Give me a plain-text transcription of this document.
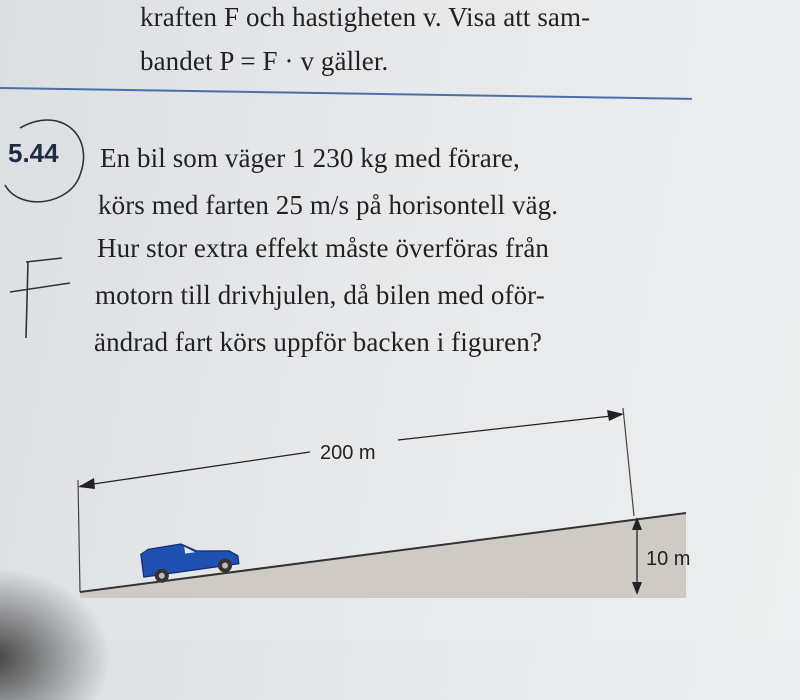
kraften F och hastigheten v. Visa att sam-
bandet P = F · v gäller.
5.44 En bil som väger 1 230 kg med förare,
körs med farten 25 m/s på horisontell väg.
Hur stor extra effekt måste överföras från
motorn till drivhjulen, då bilen med oför-
ändrad fart körs uppför backen i figuren?
200 m
10 m
